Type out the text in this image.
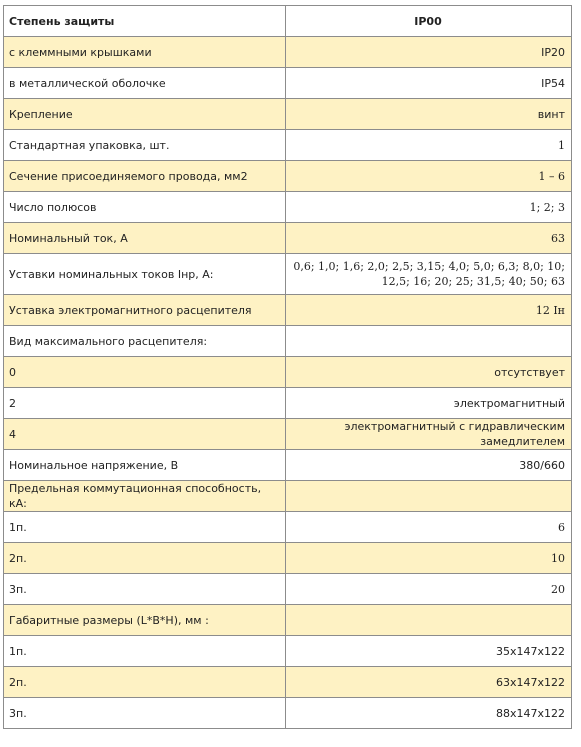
Степень защиты	IP00
с клеммными крышками	IP20
в металлической оболочке	IP54
Крепление	винт
Стандартная упаковка, шт.	1
Сечение присоединяемого провода, мм2	1 – 6
Число полюсов	1; 2; 3
Номинальный ток, А	63
Уставки номинальных токов Iнр, А:	0,6; 1,0; 1,6; 2,0; 2,5; 3,15; 4,0; 5,0; 6,3; 8,0; 10; 12,5; 16; 20; 25; 31,5; 40; 50; 63
Уставка электромагнитного расцепителя	12 Iн
Вид максимального расцепителя:	
0	отсутствует
2	электромагнитный
4	электромагнитный с гидравлическим замедлителем
Номинальное напряжение, В	380/660
Предельная коммутационная способность, кА:	
1п.	6
2п.	10
3п.	20
Габаритные размеры (L*B*H), мм :	
1п.	35x147x122
2п.	63x147x122
3п.	88x147x122
